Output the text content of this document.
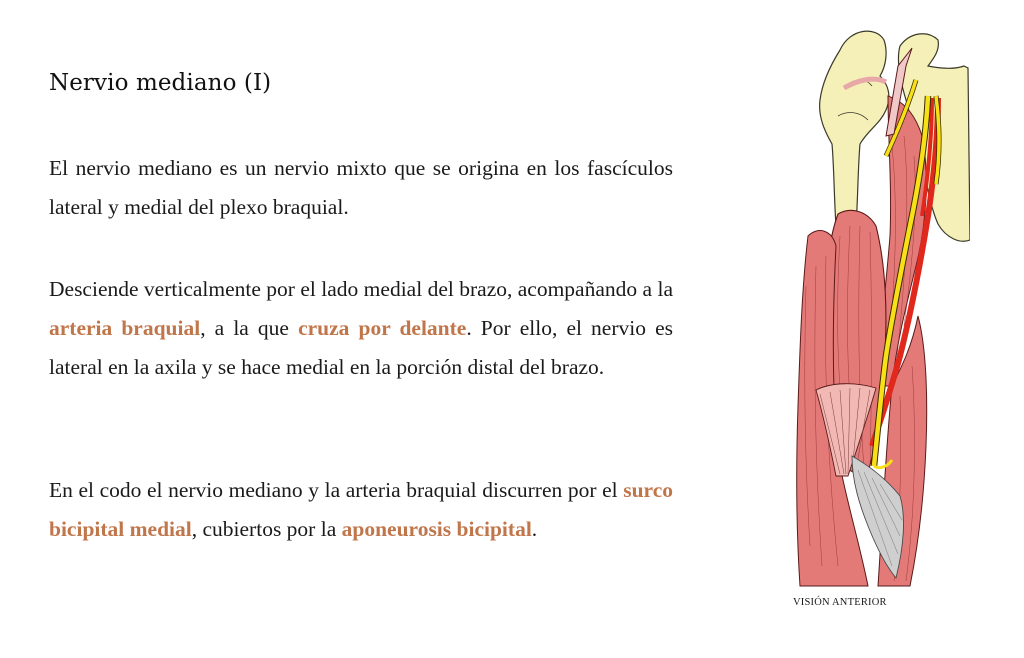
Nervio mediano (I)

El nervio mediano es un nervio mixto que se origina en los fascículos lateral y medial del plexo braquial.

Desciende verticalmente por el lado medial del brazo, acompañando a la arteria braquial, a la que cruza por delante. Por ello, el nervio es lateral en la axila y se hace medial en la porción distal del brazo.

En el codo el nervio mediano y la arteria braquial discurren por el surco bicipital medial, cubiertos por la aponeurosis bicipital.

VISIÓN ANTERIOR
